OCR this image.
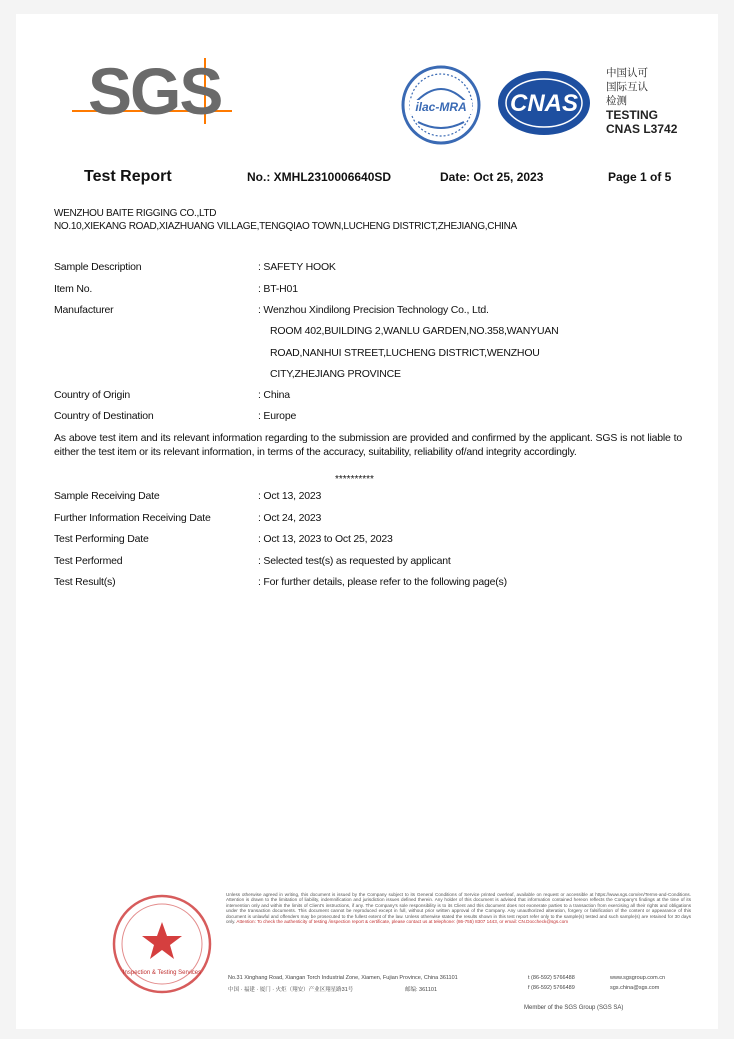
SGS	ilac-MRA CNAS
中国认可
国际互认
检测
TESTING
CNAS L3742
Test Report	No.: XMHL2310006640SD	Date: Oct 25, 2023	Page 1 of 5
WENZHOU BAITE RIGGING CO.,LTD
NO.10,XIEKANG ROAD,XIAZHUANG VILLAGE,TENGQIAO TOWN,LUCHENG DISTRICT,ZHEJIANG,CHINA
Sample Description	: SAFETY HOOK
Item No.	: BT-H01
Manufacturer	: Wenzhou Xindilong Precision Technology Co., Ltd.
ROOM 402,BUILDING 2,WANLU GARDEN,NO.358,WANYUAN
ROAD,NANHUI STREET,LUCHENG DISTRICT,WENZHOU
CITY,ZHEJIANG PROVINCE
Country of Origin	: China
Country of Destination	: Europe
As above test item and its relevant information regarding to the submission are provided and confirmed by the applicant. SGS is not liable to either the test item or its relevant information, in terms of the accuracy, suitability, reliability of/and integrity accordingly.
**********
Sample Receiving Date	: Oct 13, 2023
Further Information Receiving Date	: Oct 24, 2023
Test Performing Date	: Oct 13, 2023 to Oct 25, 2023
Test Performed	: Selected test(s) as requested by applicant
Test Result(s)	: For further details, please refer to the following page(s)
Inspection & Testing Services
Unless otherwise agreed in writing, this document is issued by the Company subject to its General Conditions of Service printed overleaf, available on request or accessible at https://www.sgs.com/en/Terms-and-Conditions. Attention is drawn to the limitation of liability, indemnification and jurisdiction issues defined therein. Any holder of this document is advised that information contained hereon reflects the Company's findings at the time of its intervention only and within the limits of Client's instructions, if any. The Company's sole responsibility is to its Client and this document does not exonerate parties to a transaction from exercising all their rights and obligations under the transaction documents. This document cannot be reproduced except in full, without prior written approval of the Company. Any unauthorized alteration, forgery or falsification of the content or appearance of this document is unlawful and offenders may be prosecuted to the fullest extent of the law. Unless otherwise stated the results shown in this test report refer only to the sample(s) tested and such sample(s) are retained for 30 days only. Attention: To check the authenticity of testing /inspection report & certificate, please contact us at telephone: (86-755) 8307 1443, or email: CN.Doccheck@sgs.com
No.31 Xinghang Road, Xiangan Torch Industrial Zone, Xiamen, Fujian Province, China 361101
中国 · 福建 · 厦门 · 火炬（翔安）产业区翔星路31号	邮编: 361101
t (86-592) 5766488
f (86-592) 5766489
www.sgsgroup.com.cn
sgs.china@sgs.com
Member of the SGS Group (SGS SA)
